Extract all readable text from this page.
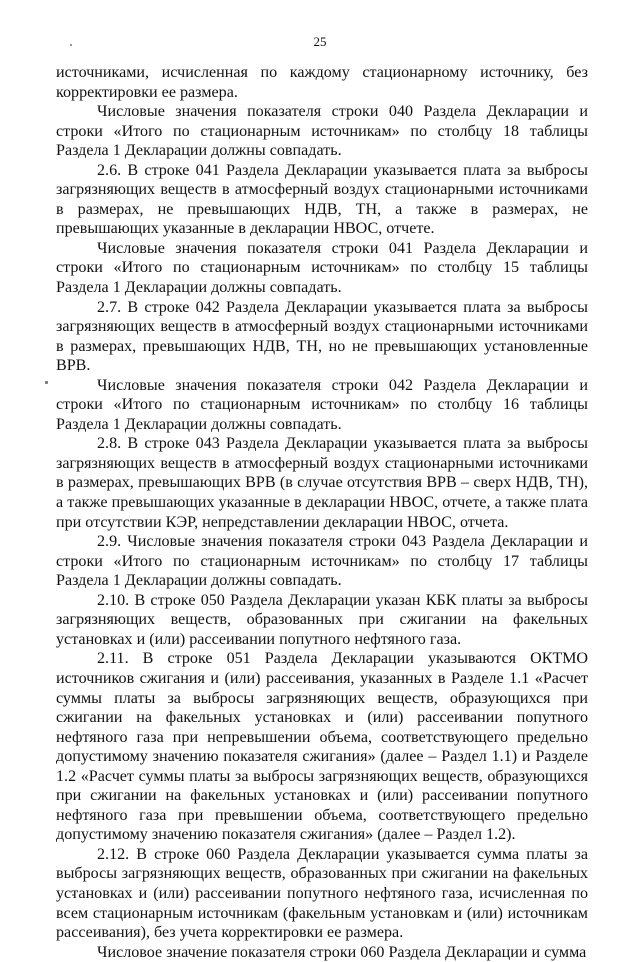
25

источниками, исчисленная по каждому стационарному источнику, без корректировки ее размера.

Числовые значения показателя строки 040 Раздела Декларации и строки «Итого по стационарным источникам» по столбцу 18 таблицы Раздела 1 Декларации должны совпадать.

2.6. В строке 041 Раздела Декларации указывается плата за выбросы загрязняющих веществ в атмосферный воздух стационарными источниками в размерах, не превышающих НДВ, ТН, а также в размерах, не превышающих указанные в декларации НВОС, отчете.

Числовые значения показателя строки 041 Раздела Декларации и строки «Итого по стационарным источникам» по столбцу 15 таблицы Раздела 1 Декларации должны совпадать.

2.7. В строке 042 Раздела Декларации указывается плата за выбросы загрязняющих веществ в атмосферный воздух стационарными источниками в размерах, превышающих НДВ, ТН, но не превышающих установленные ВРВ.

Числовые значения показателя строки 042 Раздела Декларации и строки «Итого по стационарным источникам» по столбцу 16 таблицы Раздела 1 Декларации должны совпадать.

2.8. В строке 043 Раздела Декларации указывается плата за выбросы загрязняющих веществ в атмосферный воздух стационарными источниками в размерах, превышающих ВРВ (в случае отсутствия ВРВ – сверх НДВ, ТН), а также превышающих указанные в декларации НВОС, отчете, а также плата при отсутствии КЭР, непредставлении декларации НВОС, отчета.

2.9. Числовые значения показателя строки 043 Раздела Декларации и строки «Итого по стационарным источникам» по столбцу 17 таблицы Раздела 1 Декларации должны совпадать.

2.10. В строке 050 Раздела Декларации указан КБК платы за выбросы загрязняющих веществ, образованных при сжигании на факельных установках и (или) рассеивании попутного нефтяного газа.

2.11. В строке 051 Раздела Декларации указываются ОКТМО источников сжигания и (или) рассеивания, указанных в Разделе 1.1 «Расчет суммы платы за выбросы загрязняющих веществ, образующихся при сжигании на факельных установках и (или) рассеивании попутного нефтяного газа при непревышении объема, соответствующего предельно допустимому значению показателя сжигания» (далее – Раздел 1.1) и Разделе 1.2 «Расчет суммы платы за выбросы загрязняющих веществ, образующихся при сжигании на факельных установках и (или) рассеивании попутного нефтяного газа при превышении объема, соответствующего предельно допустимому значению показателя сжигания» (далее – Раздел 1.2).

2.12. В строке 060 Раздела Декларации указывается сумма платы за выбросы загрязняющих веществ, образованных при сжигании на факельных установках и (или) рассеивании попутного нефтяного газа, исчисленная по всем стационарным источникам (факельным установкам и (или) источникам рассеивания), без учета корректировки ее размера.

Числовое значение показателя строки 060 Раздела Декларации и сумма
